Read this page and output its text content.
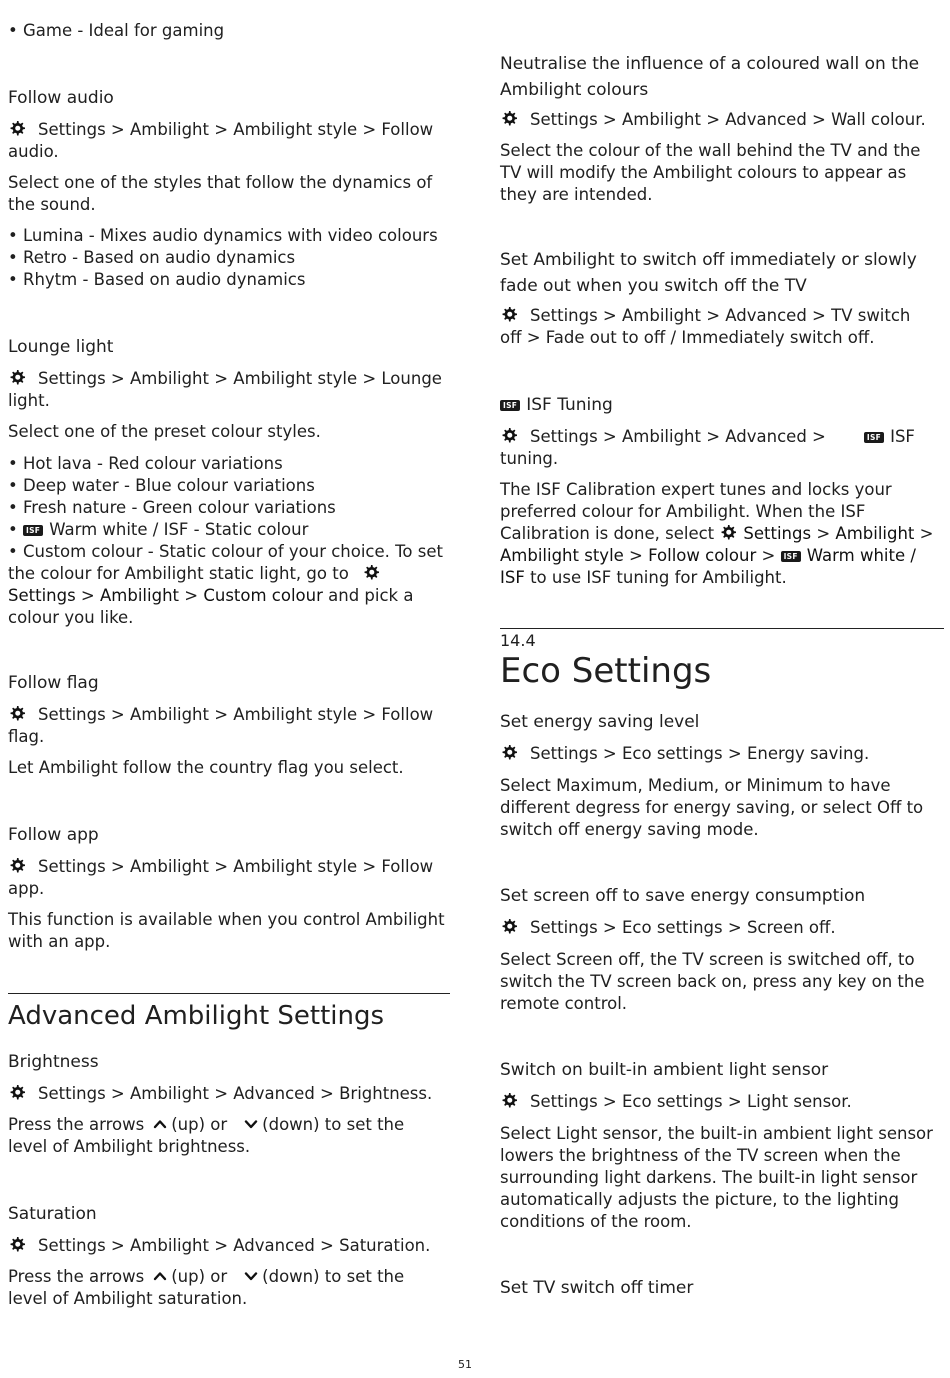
• Game - Ideal for gaming

Follow audio

Settings > Ambilight > Ambilight style > Follow
audio.

Select one of the styles that follow the dynamics of the sound.

• Lumina - Mixes audio dynamics with video colours

• Retro - Based on audio dynamics

• Rhytm - Based on audio dynamics

Lounge light

Settings > Ambilight > Ambilight style > Lounge
light.

Select one of the preset colour styles.

• Hot lava - Red colour variations

• Deep water - Blue colour variations

• Fresh nature - Green colour variations

• ISF Warm white / ISF - Static colour

• Custom colour - Static colour of your choice. To set the colour for Ambilight static light, go to Settings > Ambilight > Custom colour and pick a colour you like.

Follow flag

Settings > Ambilight > Ambilight style > Follow
flag.

Let Ambilight follow the country flag you select.

Follow app

Settings > Ambilight > Ambilight style > Follow
app.

This function is available when you control Ambilight with an app.

Advanced Ambilight Settings

Brightness

Settings > Ambilight > Advanced > Brightness.
Press the arrows (up) or (down) to set the
level of Ambilight brightness.

Saturation

Settings > Ambilight > Advanced > Saturation.
Press the arrows (up) or (down) to set the
level of Ambilight saturation.

Neutralise the influence of a coloured wall on the Ambilight colours

Settings > Ambilight > Advanced > Wall colour.

Select the colour of the wall behind the TV and the TV will modify the Ambilight colours to appear as they are intended.

Set Ambilight to switch off immediately or slowly fade out when you switch off the TV

Settings > Ambilight > Advanced > TV switch
off > Fade out to off / Immediately switch off.

ISF ISF Tuning

Settings > Ambilight > Advanced >	ISF ISF
tuning.

The ISF Calibration expert tunes and locks your preferred colour for Ambilight. When the ISF Calibration is done, select Settings > Ambilight > Ambilight style > Follow colour > ISF Warm white / ISF to use ISF tuning for Ambilight.

14.4

Eco Settings

Set energy saving level

Settings > Eco settings > Energy saving.

Select Maximum, Medium, or Minimum to have different degress for energy saving, or select Off to switch off energy saving mode.

Set screen off to save energy consumption

Settings > Eco settings > Screen off.

Select Screen off, the TV screen is switched off, to switch the TV screen back on, press any key on the remote control.

Switch on built-in ambient light sensor

Settings > Eco settings > Light sensor.

Select Light sensor, the built-in ambient light sensor lowers the brightness of the TV screen when the surrounding light darkens. The built-in light sensor automatically adjusts the picture, to the lighting conditions of the room.

Set TV switch off timer

51
